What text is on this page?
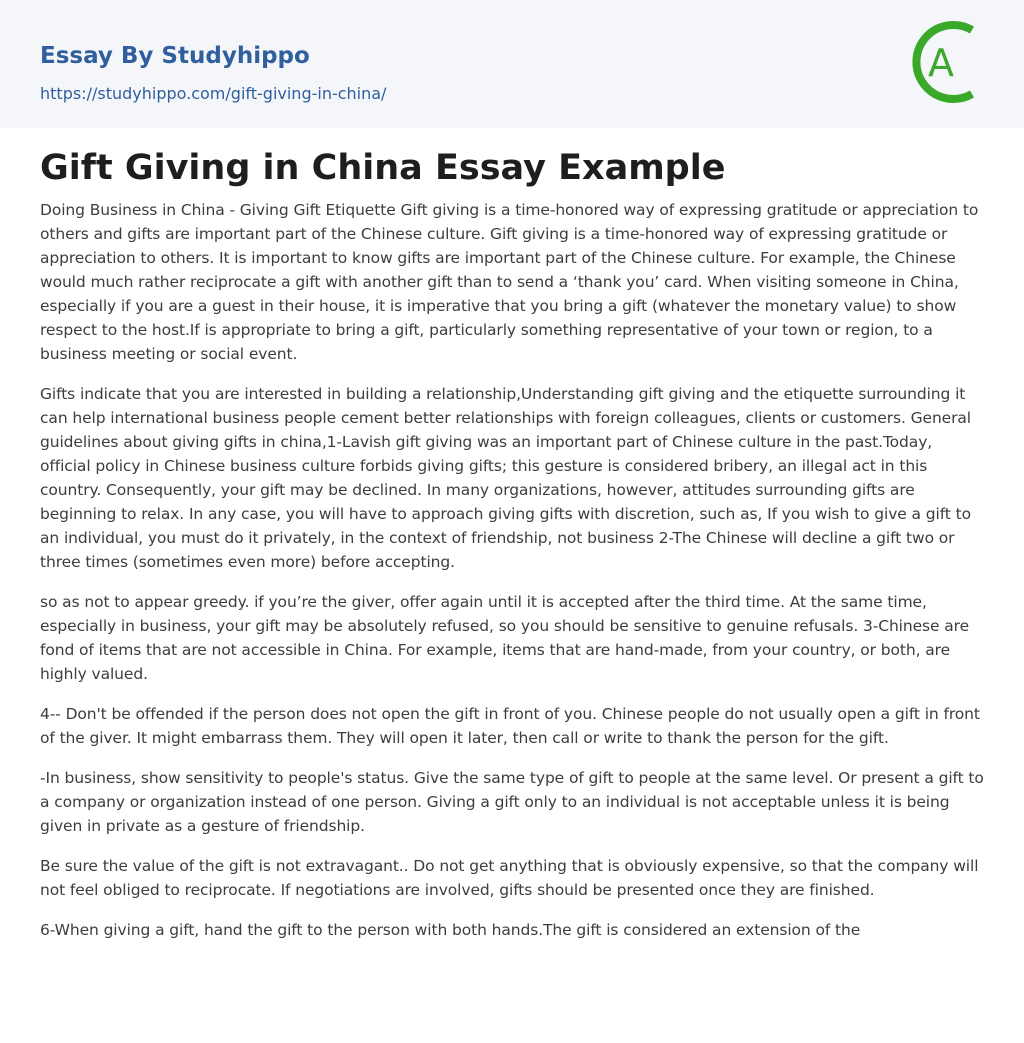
Essay By Studyhippo
https://studyhippo.com/gift-giving-in-china/
A
Gift Giving in China Essay Example

Doing Business in China - Giving Gift Etiquette Gift giving is a time-honored way of expressing gratitude or appreciation to others and gifts are important part of the Chinese culture. Gift giving is a time-honored way of expressing gratitude or appreciation to others. It is important to know gifts are important part of the Chinese culture. For example, the Chinese would much rather reciprocate a gift with another gift than to send a ‘thank you’ card. When visiting someone in China, especially if you are a guest in their house, it is imperative that you bring a gift (whatever the monetary value) to show respect to the host.If is appropriate to bring a gift, particularly something representative of your town or region, to a business meeting or social event.

Gifts indicate that you are interested in building a relationship,Understanding gift giving and the etiquette surrounding it can help international business people cement better relationships with foreign colleagues, clients or customers. General guidelines about giving gifts in china,1-Lavish gift giving was an important part of Chinese culture in the past.Today, official policy in Chinese business culture forbids giving gifts; this gesture is considered bribery, an illegal act in this country. Consequently, your gift may be declined. In many organizations, however, attitudes surrounding gifts are beginning to relax. In any case, you will have to approach giving gifts with discretion, such as, If you wish to give a gift to an individual, you must do it privately, in the context of friendship, not business 2-The Chinese will decline a gift two or three times (sometimes even more) before accepting.

so as not to appear greedy. if you’re the giver, offer again until it is accepted after the third time. At the same time, especially in business, your gift may be absolutely refused, so you should be sensitive to genuine refusals. 3-Chinese are fond of items that are not accessible in China. For example, items that are hand-made, from your country, or both, are highly valued.

4-- Don't be offended if the person does not open the gift in front of you. Chinese people do not usually open a gift in front of the giver. It might embarrass them. They will open it later, then call or write to thank the person for the gift.

-In business, show sensitivity to people's status. Give the same type of gift to people at the same level. Or present a gift to a company or organization instead of one person. Giving a gift only to an individual is not acceptable unless it is being given in private as a gesture of friendship.

Be sure the value of the gift is not extravagant.. Do not get anything that is obviously expensive, so that the company will not feel obliged to reciprocate. If negotiations are involved, gifts should be presented once they are finished.

6-When giving a gift, hand the gift to the person with both hands.The gift is considered an extension of the
